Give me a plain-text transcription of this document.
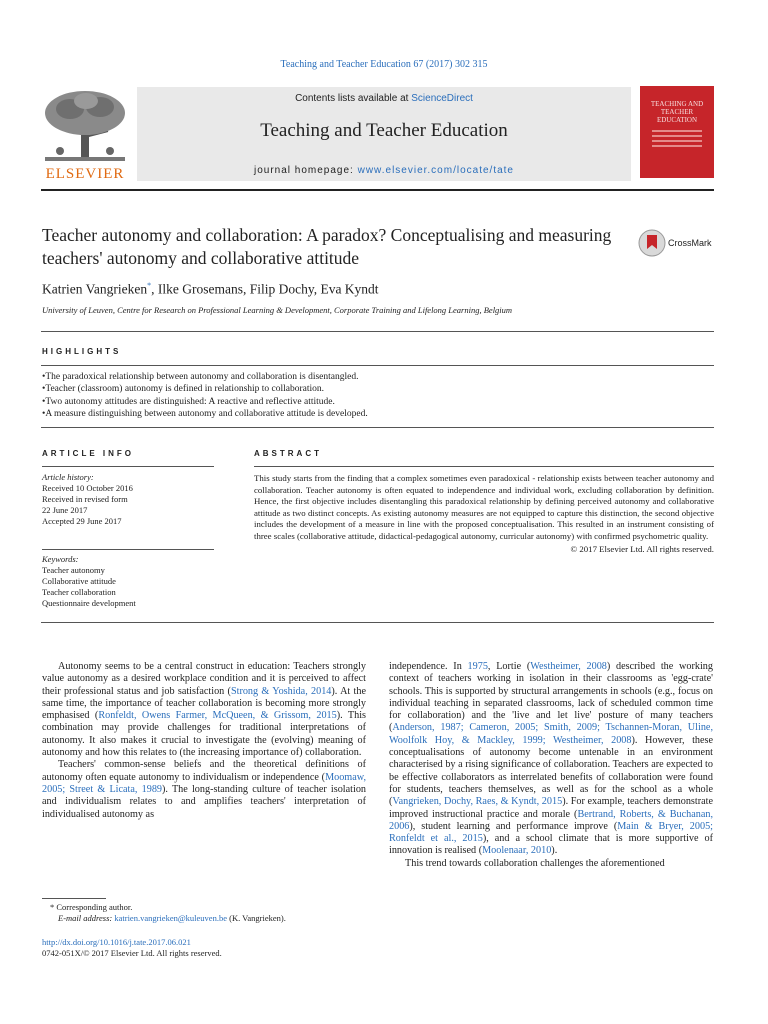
Teaching and Teacher Education 67 (2017) 302 315
ELSEVIER
Contents lists available at ScienceDirect
Teaching and Teacher Education
journal homepage: www.elsevier.com/locate/tate
TEACHING AND TEACHER EDUCATION
Teacher autonomy and collaboration: A paradox? Conceptualising and measuring teachers' autonomy and collaborative attitude
CrossMark
Katrien Vangrieken*, Ilke Grosemans, Filip Dochy, Eva Kyndt
University of Leuven, Centre for Research on Professional Learning & Development, Corporate Training and Lifelong Learning, Belgium
HIGHLIGHTS
• The paradoxical relationship between autonomy and collaboration is disentangled.
• Teacher (classroom) autonomy is defined in relationship to collaboration.
• Two autonomy attitudes are distinguished: A reactive and reflective attitude.
• A measure distinguishing between autonomy and collaborative attitude is developed.
ARTICLE INFO
Article history:
Received 10 October 2016
Received in revised form
22 June 2017
Accepted 29 June 2017
Keywords:
Teacher autonomy
Collaborative attitude
Teacher collaboration
Questionnaire development
ABSTRACT
This study starts from the finding that a complex sometimes even paradoxical - relationship exists between teacher autonomy and collaboration. Teacher autonomy is often equated to independence and individual work, excluding collaboration by definition. Hence, the first objective includes disentangling this paradoxical relationship by defining perceived autonomy and collaborative attitude as two distinct concepts. As existing autonomy measures are not equipped to capture this distinction, the second objective includes the development of a measure in line with the proposed conceptualisation. This resulted in an instrument consisting of three scales (collaborative attitude, didactical-pedagogical autonomy, curricular autonomy) with confirmed psychometric quality.
© 2017 Elsevier Ltd. All rights reserved.

Autonomy seems to be a central construct in education: Teachers strongly value autonomy as a desired workplace condition and it is perceived to affect their professional status and job satisfaction (Strong & Yoshida, 2014). At the same time, the importance of teacher collaboration is becoming more strongly emphasised (Ronfeldt, Owens Farmer, McQueen, & Grissom, 2015). This combination may provide challenges for traditional interpretations of autonomy. It also makes it crucial to investigate the (evolving) meaning of autonomy and how this relates to (the increasing importance of) collaboration.

Teachers' common-sense beliefs and the theoretical definitions of autonomy often equate autonomy to individualism or independence (Moomaw, 2005; Street & Licata, 1989). The long-standing culture of teacher isolation and individualism relates to and amplifies teachers' interpretation of individualised autonomy as

independence. In 1975, Lortie (Westheimer, 2008) described the working context of teachers working in isolation in their classrooms as 'egg-crate' schools. This is supported by structural arrangements in schools (e.g., focus on individual teaching in separated classrooms, lack of scheduled common time for collaboration) and the 'live and let live' posture of many teachers (Anderson, 1987; Cameron, 2005; Smith, 2009; Tschannen-Moran, Uline, Woolfolk Hoy, & Mackley, 1999; Westheimer, 2008). However, these conceptualisations of autonomy become untenable in an environment characterised by a rising significance of collaboration. Teachers are expected to be effective collaborators as interrelated benefits of collaboration were found for students, teachers themselves, as well as for the school as a whole (Vangrieken, Dochy, Raes, & Kyndt, 2015). For example, teachers demonstrate improved instructional practice and morale (Bertrand, Roberts, & Buchanan, 2006), student learning and performance improve (Main & Bryer, 2005; Ronfeldt et al., 2015), and a school climate that is more supportive of innovation is realised (Moolenaar, 2010).

This trend towards collaboration challenges the aforementioned

* Corresponding author.
E-mail address: katrien.vangrieken@kuleuven.be (K. Vangrieken).
http://dx.doi.org/10.1016/j.tate.2017.06.021
0742-051X/© 2017 Elsevier Ltd. All rights reserved.
